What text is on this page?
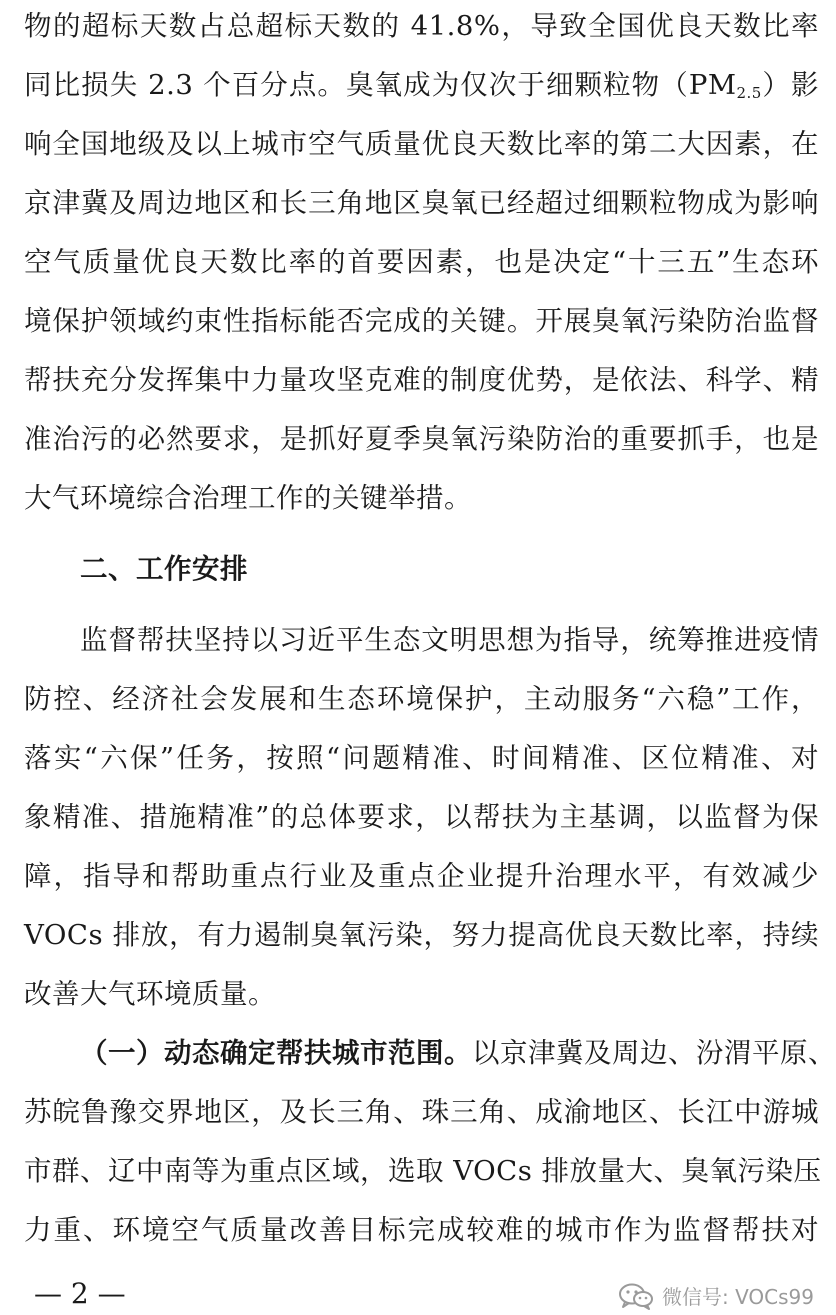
物的超标天数占总超标天数的 41.8%，导致全国优良天数比率
同比损失 2.3 个百分点。臭氧成为仅次于细颗粒物$(PM_{2.5})$影
响全国地级及以上城市空气质量优良天数比率的第二大因素，在
京津冀及周边地区和长三角地区臭氧已经超过细颗粒物成为影响
空气质量优良天数比率的首要因素，也是决定“十三五”生态环
境保护领域约束性指标能否完成的关键。开展臭氧污染防治监督
帮扶充分发挥集中力量攻坚克难的制度优势，是依法、科学、精
准治污的必然要求，是抓好夏季臭氧污染防治的重要抓手，也是
大气环境综合治理工作的关键举措。
二、工作安排
监督帮扶坚持以习近平生态文明思想为指导，统筹推进疫情
防控、经济社会发展和生态环境保护，主动服务“六稳”工作，
落实“六保”任务，按照“问题精准、时间精准、区位精准、对
象精准、措施精准”的总体要求，以帮扶为主基调，以监督为保
障，指导和帮助重点行业及重点企业提升治理水平，有效减少
VOCs 排放，有力遏制臭氧污染，努力提高优良天数比率，持续
改善大气环境质量。
（一）动态确定帮扶城市范围。以京津冀及周边、汾渭平原、
苏皖鲁豫交界地区，及长三角、珠三角、成渝地区、长江中游城
市群、辽中南等为重点区域，选取 VOCs 排放量大、臭氧污染压
力重、环境空气质量改善目标完成较难的城市作为监督帮扶对
— 2 —	微信号: VOCs99
